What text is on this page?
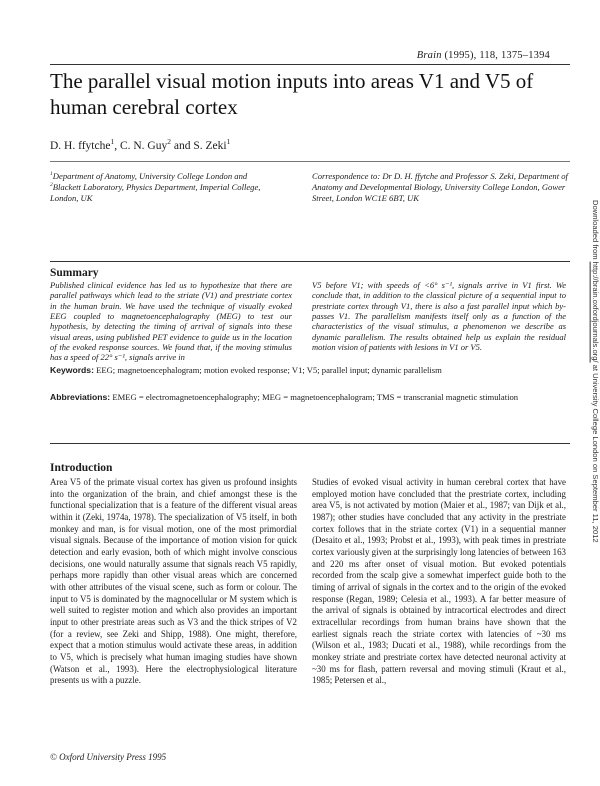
Brain (1995), 118, 1375–1394
The parallel visual motion inputs into areas V1 and V5 of human cerebral cortex
D. H. ffytche$^1$, C. N. Guy$^2$ and S. Zeki$^1$
$^1$Department of Anatomy, University College London and
$^2$Blackett Laboratory, Physics Department, Imperial College, London, UK
Correspondence to: Dr D. H. ffytche and Professor S. Zeki, Department of Anatomy and Developmental Biology, University College London, Gower Street, London WC1E 6BT, UK
Summary
Published clinical evidence has led us to hypothesize that there are parallel pathways which lead to the striate (V1) and prestriate cortex in the human brain. We have used the technique of visually evoked EEG coupled to magnetoencephalography (MEG) to test our hypothesis, by detecting the timing of arrival of signals into these visual areas, using published PET evidence to guide us in the location of the evoked response sources. We found that, if the moving stimulus has a speed of 22° s⁻¹, signals arrive in
V5 before V1; with speeds of <6° s⁻¹, signals arrive in V1 first. We conclude that, in addition to the classical picture of a sequential input to prestriate cortex through V1, there is also a fast parallel input which by-passes V1. The parallelism manifests itself only as a function of the characteristics of the visual stimulus, a phenomenon we describe as dynamic parallelism. The results obtained help us explain the residual motion vision of patients with lesions in V1 or V5.
Keywords: EEG; magnetoencephalogram; motion evoked response; V1; V5; parallel input; dynamic parallelism
Abbreviations: EMEG = electromagnetoencephalography; MEG = magnetoencephalogram; TMS = transcranial magnetic stimulation
Introduction
Area V5 of the primate visual cortex has given us profound insights into the organization of the brain, and chief amongst these is the functional specialization that is a feature of the different visual areas within it (Zeki, 1974a, 1978). The specialization of V5 itself, in both monkey and man, is for visual motion, one of the most primordial visual signals. Because of the importance of motion vision for quick detection and early evasion, both of which might involve conscious decisions, one would naturally assume that signals reach V5 rapidly, perhaps more rapidly than other visual areas which are concerned with other attributes of the visual scene, such as form or colour. The input to V5 is dominated by the magnocellular or M system which is well suited to register motion and which also provides an important input to other prestriate areas such as V3 and the thick stripes of V2 (for a review, see Zeki and Shipp, 1988). One might, therefore, expect that a motion stimulus would activate these areas, in addition to V5, which is precisely what human imaging studies have shown (Watson et al., 1993). Here the electrophysiological literature presents us with a puzzle.
Studies of evoked visual activity in human cerebral cortex that have employed motion have concluded that the prestriate cortex, including area V5, is not activated by motion (Maier et al., 1987; van Dijk et al., 1987); other studies have concluded that any activity in the prestriate cortex follows that in the striate cortex (V1) in a sequential manner (Desaito et al., 1993; Probst et al., 1993), with peak times in prestriate cortex variously given at the surprisingly long latencies of between 163 and 220 ms after onset of visual motion. But evoked potentials recorded from the scalp give a somewhat imperfect guide both to the timing of arrival of signals in the cortex and to the origin of the evoked response (Regan, 1989; Celesia et al., 1993). A far better measure of the arrival of signals is obtained by intracortical electrodes and direct extracellular recordings from human brains have shown that the earliest signals reach the striate cortex with latencies of ~30 ms (Wilson et al., 1983; Ducati et al., 1988), while recordings from the monkey striate and prestriate cortex have detected neuronal activity at ~30 ms for flash, pattern reversal and moving stimuli (Kraut et al., 1985; Petersen et al.,
© Oxford University Press 1995
Downloaded from http://brain.oxfordjournals.org/ at University College London on September 11, 2012
